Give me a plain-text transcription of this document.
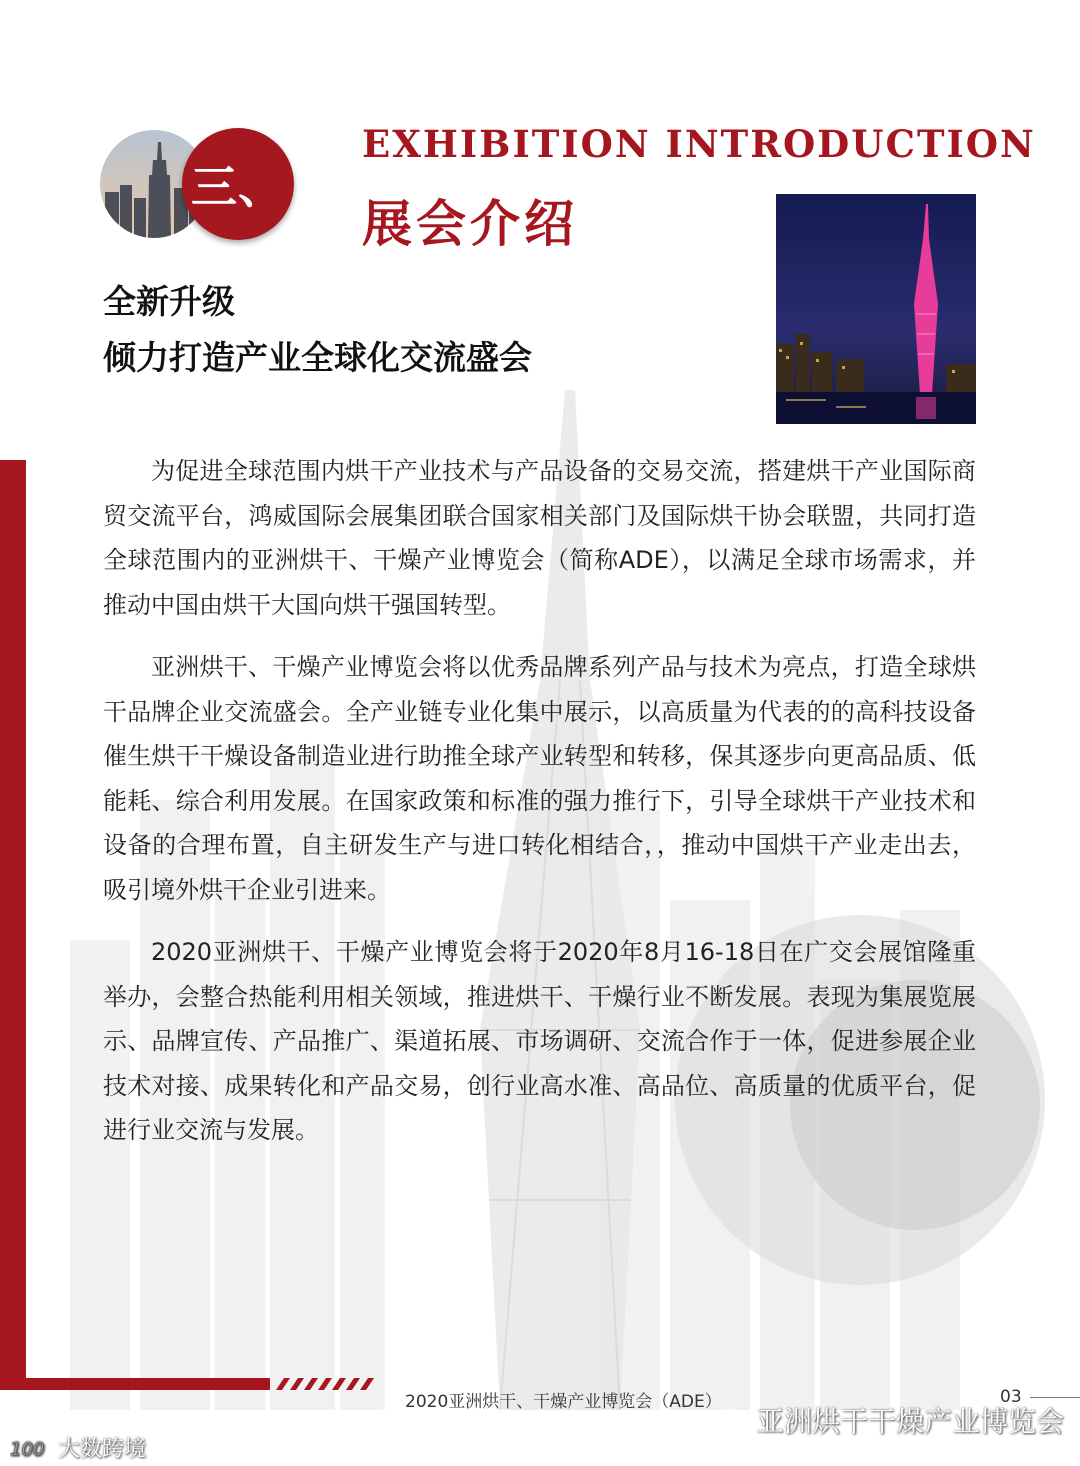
三、
EXHIBITION INTRODUCTION
展会介绍
全新升级
倾力打造产业全球化交流盛会

为促进全球范围内烘干产业技术与产品设备的交易交流，搭建烘干产业国际商贸交流平台，鸿威国际会展集团联合国家相关部门及国际烘干协会联盟，共同打造全球范围内的亚洲烘干、干燥产业博览会（简称ADE），以满足全球市场需求，并推动中国由烘干大国向烘干强国转型。

亚洲烘干、干燥产业博览会将以优秀品牌系列产品与技术为亮点，打造全球烘干品牌企业交流盛会。全产业链专业化集中展示，以高质量为代表的的高科技设备催生烘干干燥设备制造业进行助推全球产业转型和转移，保其逐步向更高品质、低能耗、综合利用发展。在国家政策和标准的强力推行下，引导全球烘干产业技术和设备的合理布置，自主研发生产与进口转化相结合，，推动中国烘干产业走出去，吸引境外烘干企业引进来。

2020亚洲烘干、干燥产业博览会将于2020年8月16-18日在广交会展馆隆重举办，会整合热能利用相关领域，推进烘干、干燥行业不断发展。表现为集展览展示、品牌宣传、产品推广、渠道拓展、市场调研、交流合作于一体，促进参展企业技术对接、成果转化和产品交易，创行业高水准、高品位、高质量的优质平台，促进行业交流与发展。

2020亚洲烘干、干燥产业博览会（ADE）	03
亚洲烘干干燥产业博览会
100 大数跨境
